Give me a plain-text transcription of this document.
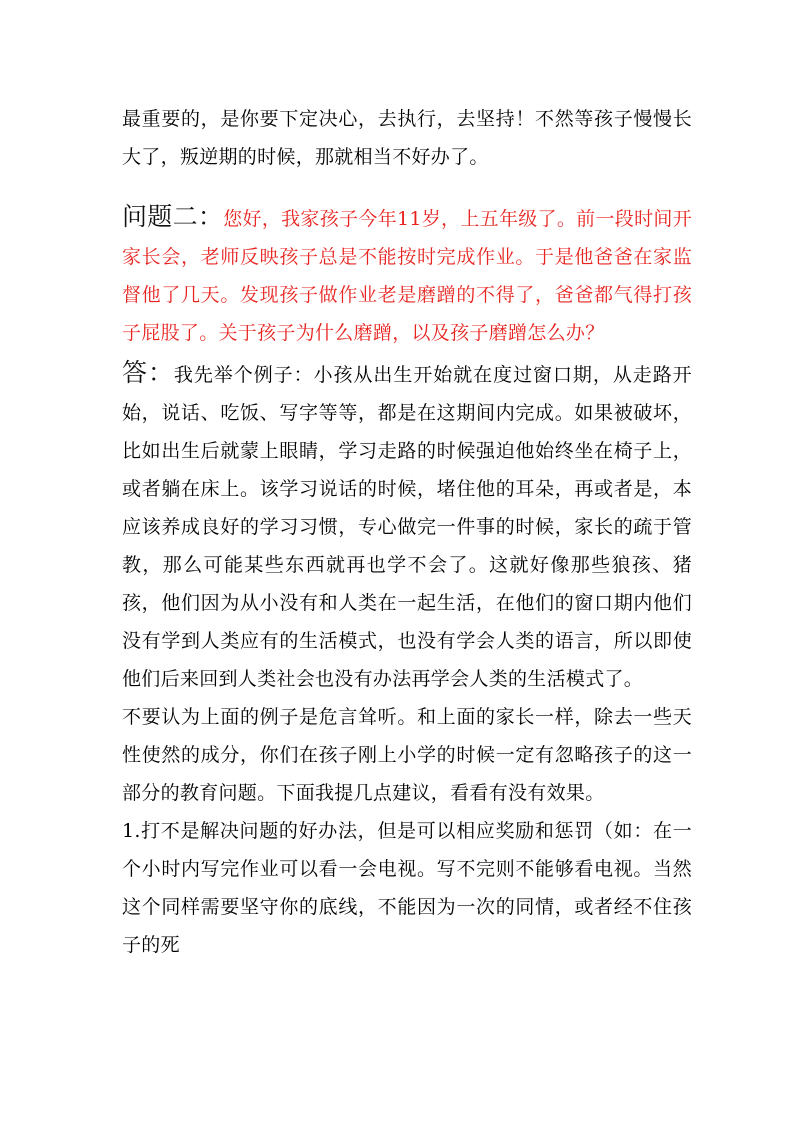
最重要的，是你要下定决心，去执行，去坚持！不然等孩子慢慢长大了，叛逆期的时候，那就相当不好办了。

问题二：您好，我家孩子今年11岁，上五年级了。前一段时间开家长会，老师反映孩子总是不能按时完成作业。于是他爸爸在家监督他了几天。发现孩子做作业老是磨蹭的不得了，爸爸都气得打孩子屁股了。关于孩子为什么磨蹭，以及孩子磨蹭怎么办？

答：我先举个例子：小孩从出生开始就在度过窗口期，从走路开始，说话、吃饭、写字等等，都是在这期间内完成。如果被破坏，比如出生后就蒙上眼睛，学习走路的时候强迫他始终坐在椅子上，或者躺在床上。该学习说话的时候，堵住他的耳朵，再或者是，本应该养成良好的学习习惯，专心做完一件事的时候，家长的疏于管教，那么可能某些东西就再也学不会了。这就好像那些狼孩、猪孩，他们因为从小没有和人类在一起生活，在他们的窗口期内他们没有学到人类应有的生活模式，也没有学会人类的语言，所以即使他们后来回到人类社会也没有办法再学会人类的生活模式了。

不要认为上面的例子是危言耸听。和上面的家长一样，除去一些天性使然的成分，你们在孩子刚上小学的时候一定有忽略孩子的这一部分的教育问题。下面我提几点建议，看看有没有效果。

1.打不是解决问题的好办法，但是可以相应奖励和惩罚（如：在一个小时内写完作业可以看一会电视。写不完则不能够看电视。当然这个同样需要坚守你的底线，不能因为一次的同情，或者经不住孩子的死
